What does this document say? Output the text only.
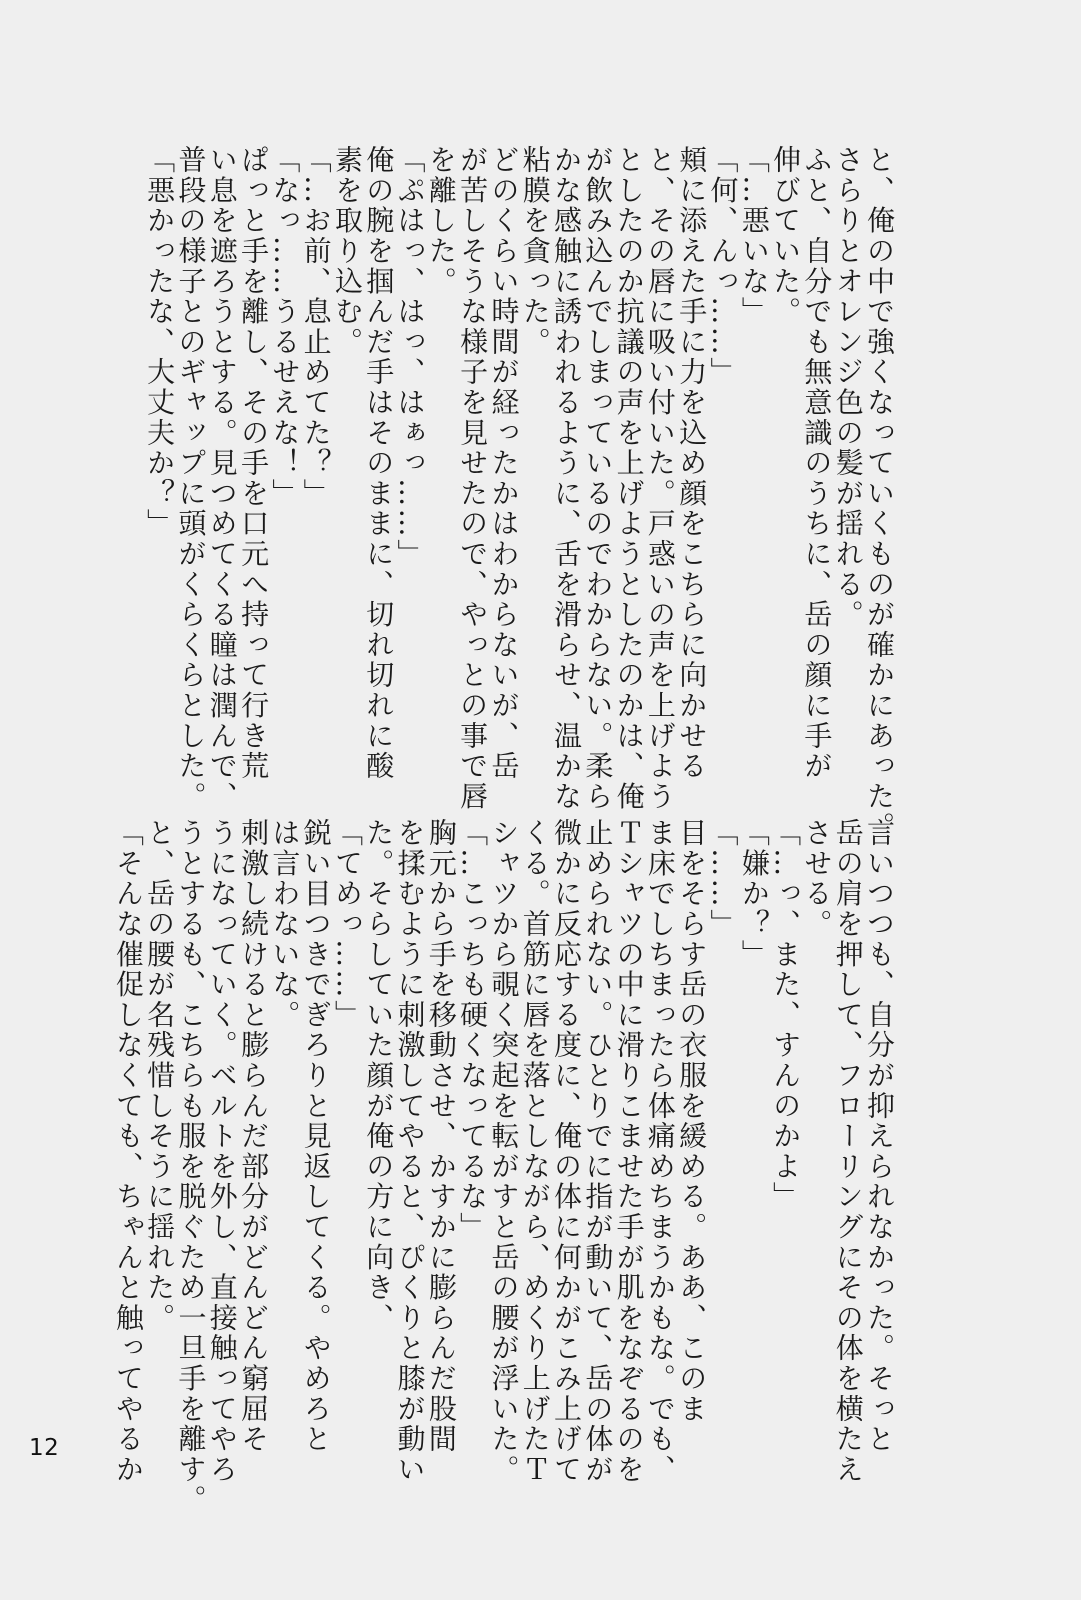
と、俺の中で強くなっていくものが確かにあった。
さらりとオレンジ色の髪が揺れる。
ふと、自分でも無意識のうちに、岳の顔に手が
伸びていた。
「…悪いな」
「何、んっ……」
頬に添えた手に力を込め顔をこちらに向かせる
と、その唇に吸い付いた。戸惑いの声を上げよう
としたのか抗議の声を上げようとしたのかは、俺
が飲み込んでしまっているのでわからない。柔ら
かな感触に誘われるように、舌を滑らせ、温かな
粘膜を貪った。
どのくらい時間が経ったかはわからないが、岳
が苦しそうな様子を見せたので、やっとの事で唇
を離した。
「ぷはっ、はっ、はぁっ……」
俺の腕を掴んだ手はそのままに、切れ切れに酸
素を取り込む。
「…お前、息止めてた？」
「なっ……うるせえな！」
ぱっと手を離し、その手を口元へ持って行き荒
い息を遮ろうとする。見つめてくる瞳は潤んで、
普段の様子とのギャップに頭がくらくらとした。
「悪かったな、大丈夫か？」
言いつつも、自分が抑えられなかった。そっと
岳の肩を押して、フローリングにその体を横たえ
させる。
「…っ、また、すんのかよ」
「嫌か？」
「……」
目をそらす岳の衣服を緩める。ああ、このま
ま床でしちまったら体痛めちまうかもな。でも、
Ｔシャツの中に滑りこませた手が肌をなぞるのを
止められない。ひとりでに指が動いて、岳の体が
微かに反応する度に、俺の体に何かがこみ上げて
くる。首筋に唇を落としながら、めくり上げたＴ
シャツから覗く突起を転がすと岳の腰が浮いた。
「…こっちも硬くなってるな」
胸元から手を移動させ、かすかに膨らんだ股間
を揉むように刺激してやると、ぴくりと膝が動い
た。そらしていた顔が俺の方に向き、
「てめっ……」
鋭い目つきでぎろりと見返してくる。やめろと
は言わないな。
刺激し続けると膨らんだ部分がどんどん窮屈そ
うになっていく。ベルトを外し、直接触ってやろ
うとするも、こちらも服を脱ぐため一旦手を離す。
と、岳の腰が名残惜しそうに揺れた。
「そんな催促しなくても、ちゃんと触ってやるか
12
